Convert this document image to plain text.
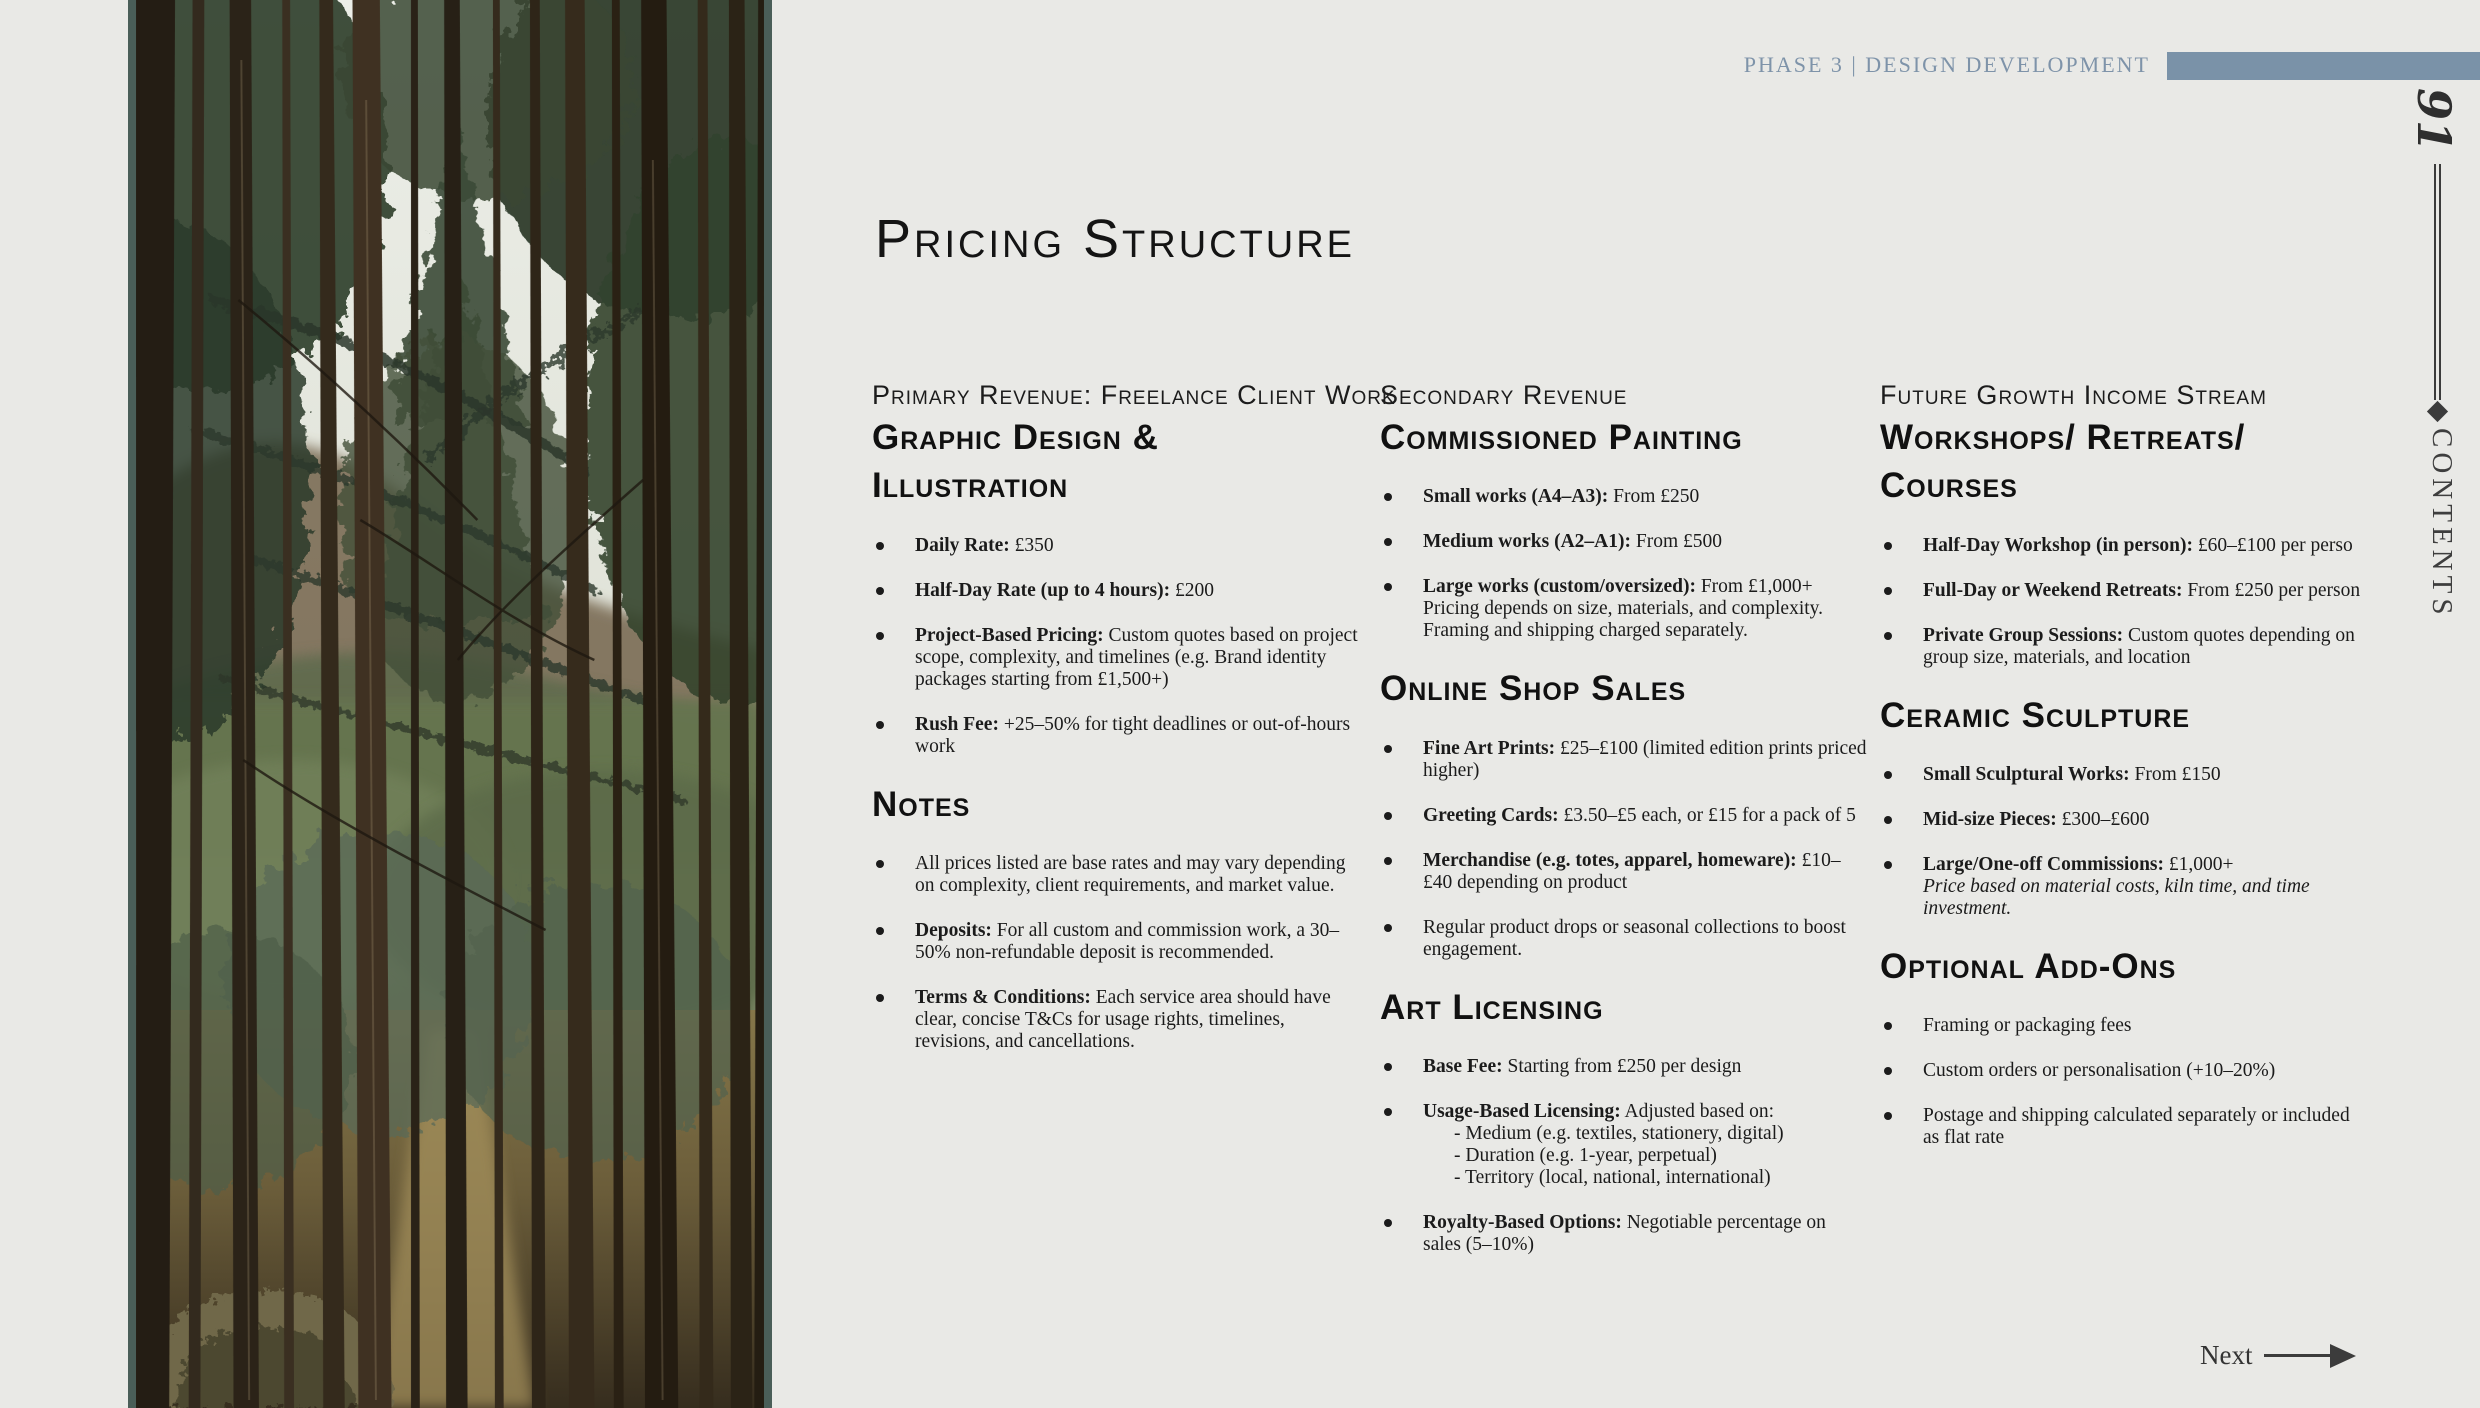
PHASE 3 | DESIGN DEVELOPMENT
91
CONTENTS
Pricing Structure
Primary Revenue: Freelance Client Work
Graphic Design & Illustration
Daily Rate: £350
Half-Day Rate (up to 4 hours): £200
Project-Based Pricing: Custom quotes based on project scope, complexity, and timelines (e.g. Brand identity packages starting from £1,500+)
Rush Fee: +25–50% for tight deadlines or out-of-hours work
Notes
All prices listed are base rates and may vary depending on complexity, client requirements, and market value.
Deposits: For all custom and commission work, a 30–50% non-refundable deposit is recommended.
Terms & Conditions: Each service area should have clear, concise T&Cs for usage rights, timelines, revisions, and cancellations.
Secondary Revenue
Commissioned Painting
Small works (A4–A3): From £250
Medium works (A2–A1): From £500
Large works (custom/oversized): From £1,000+
Pricing depends on size, materials, and complexity. Framing and shipping charged separately.
Online Shop Sales
Fine Art Prints: £25–£100 (limited edition prints priced higher)
Greeting Cards: £3.50–£5 each, or £15 for a pack of 5
Merchandise (e.g. totes, apparel, homeware): £10–£40 depending on product
Regular product drops or seasonal collections to boost engagement.
Art Licensing
Base Fee: Starting from £250 per design
Usage-Based Licensing: Adjusted based on:
- Medium (e.g. textiles, stationery, digital)
- Duration (e.g. 1-year, perpetual)
- Territory (local, national, international)
Royalty-Based Options: Negotiable percentage on sales (5–10%)
Future Growth Income Stream
Workshops/ Retreats/ Courses
Half-Day Workshop (in person): £60–£100 per perso
Full-Day or Weekend Retreats: From £250 per person
Private Group Sessions: Custom quotes depending on group size, materials, and location
Ceramic Sculpture
Small Sculptural Works: From £150
Mid-size Pieces: £300–£600
Large/One-off Commissions: £1,000+
Price based on material costs, kiln time, and time investment.
Optional Add-Ons
Framing or packaging fees
Custom orders or personalisation (+10–20%)
Postage and shipping calculated separately or included as flat rate
Next
